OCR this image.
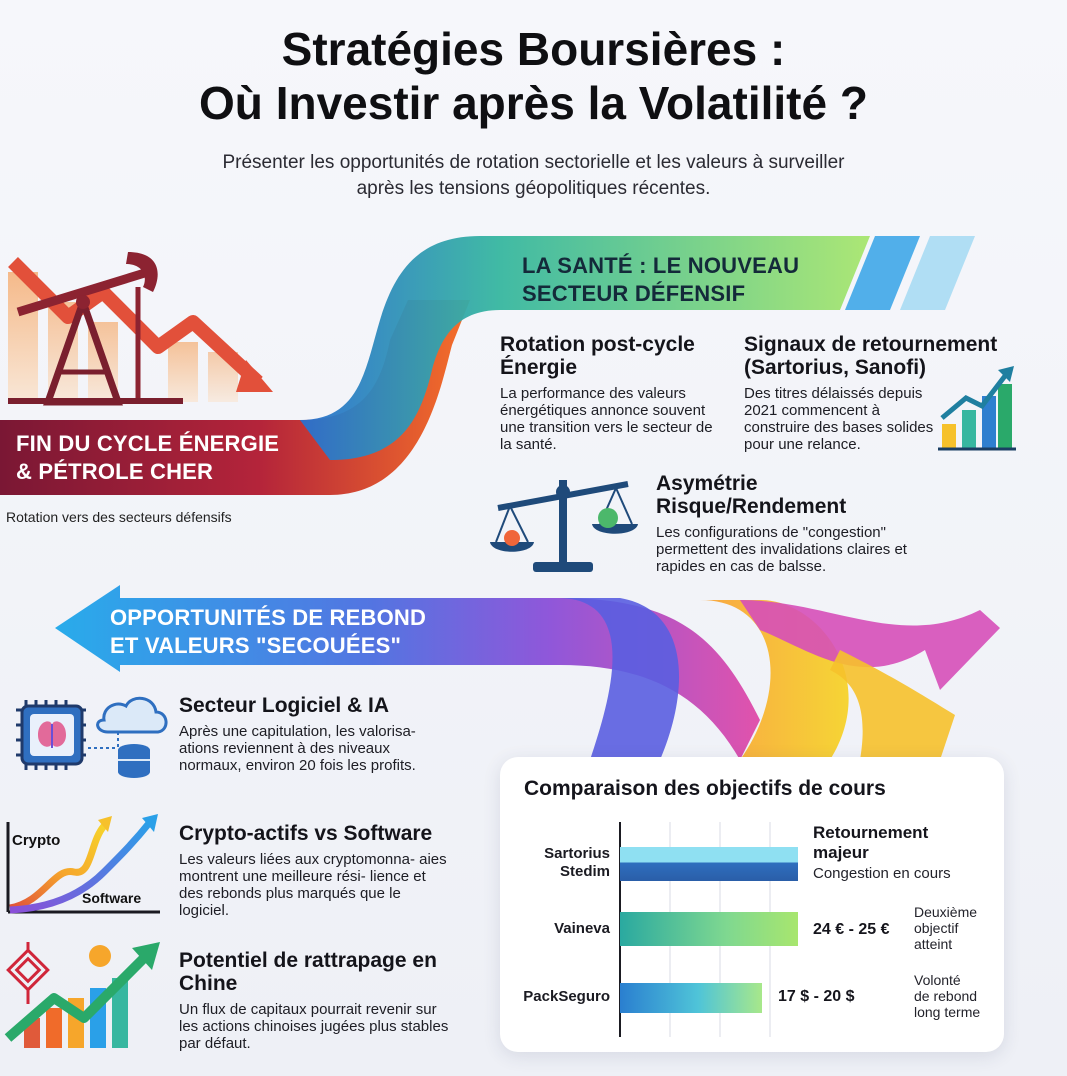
Stratégies Boursières :
Où Investir après la Volatilité ?
Présenter les opportunités de rotation sectorielle et les valeurs à surveiller
après les tensions géopolitiques récentes.
FIN DU CYCLE ÉNERGIE
& PÉTROLE CHER
Rotation vers des secteurs défensifs
LA SANTÉ : LE NOUVEAU
SECTEUR DÉFENSIF
Rotation post-cycle Énergie
La performance des valeurs énergétiques annonce souvent une transition vers le secteur de la santé.
Signaux de retournement (Sartorius, Sanofi)
Des titres délaissés depuis 2021 commencent à construire des bases solides pour une relance.
Asymétrie Risque/Rendement
Les configurations de "congestion" permettent des invalidations claires et rapides en cas de balsse.
OPPORTUNITÉS DE REBOND
ET VALEURS "SECOUÉES"
Secteur Logiciel & IA
Après une capitulation, les valorisa- ations reviennent à des niveaux normaux, environ 20 fois les profits.
Crypto
Software
Crypto-actifs vs Software
Les valeurs liées aux cryptomonna- aies montrent une meilleure rési- lience et des rebonds plus marqués que le logiciel.
Potentiel de rattrapage en Chine
Un flux de capitaux pourrait revenir sur les actions chinoises jugées plus stables par défaut.
Comparaison des objectifs de cours
Sartorius
Stedim
Retournement
majeur
Congestion en cours
Vaineva	24 € - 25 €
Deuxième
objectif
atteint
PackSeguro	17 $ - 20 $
Volonté
de rebond
long terme
